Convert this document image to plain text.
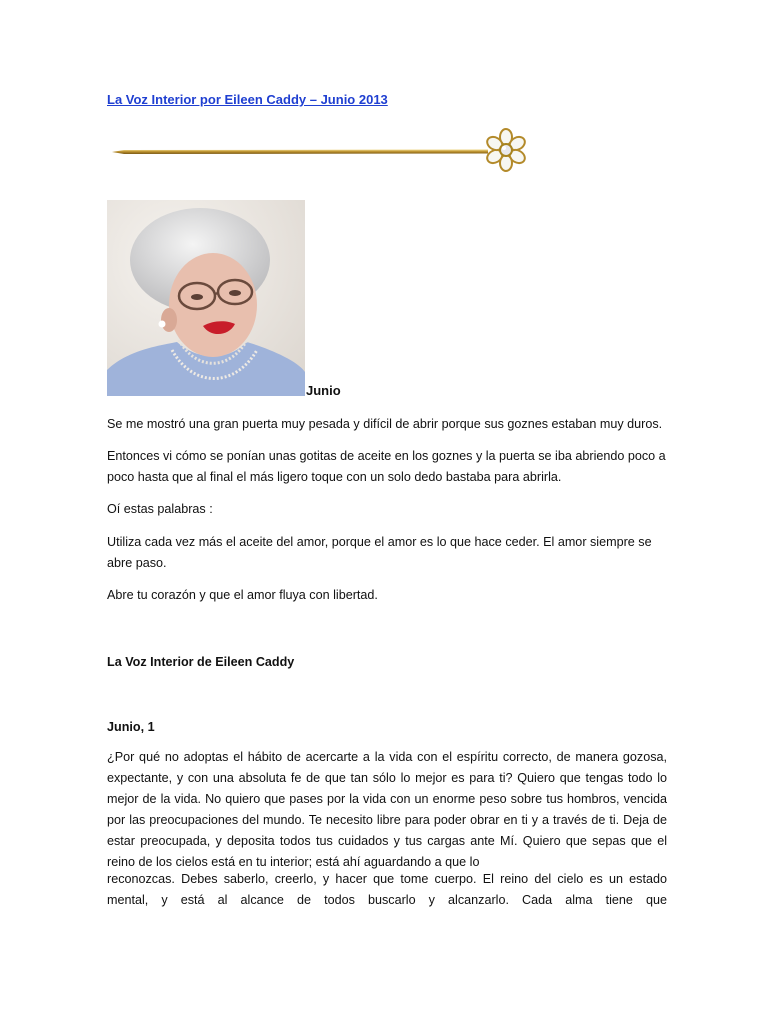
La Voz Interior por Eileen Caddy – Junio 2013
Junio

Se me mostró una gran puerta muy pesada y difícil de abrir porque sus goznes estaban muy duros.

Entonces vi cómo se ponían unas gotitas de aceite en los goznes y la puerta se iba abriendo poco a poco hasta que al final el más ligero toque con un solo dedo bastaba para abrirla.

Oí estas palabras :

Utiliza cada vez más el aceite del amor, porque el amor es lo que hace ceder. El amor siempre se abre paso.

Abre tu corazón y que el amor fluya con libertad.

La Voz Interior de Eileen Caddy

Junio, 1

¿Por qué no adoptas el hábito de acercarte a la vida con el espíritu correcto, de manera gozosa, expectante, y con una absoluta fe de que tan sólo lo mejor es para ti? Quiero que tengas todo lo mejor de la vida. No quiero que pases por la vida con un enorme peso sobre tus hombros, vencida por las preocupaciones del mundo. Te necesito libre para poder obrar en ti y a través de ti. Deja de estar preocupada, y deposita todos tus cuidados y tus cargas ante Mí. Quiero que sepas que el reino de los cielos está en tu interior; está ahí aguardando a que lo

reconozcas. Debes saberlo, creerlo, y hacer que tome cuerpo. El reino del cielo es un estado mental, y está al alcance de todos buscarlo y alcanzarlo. Cada alma tiene que
